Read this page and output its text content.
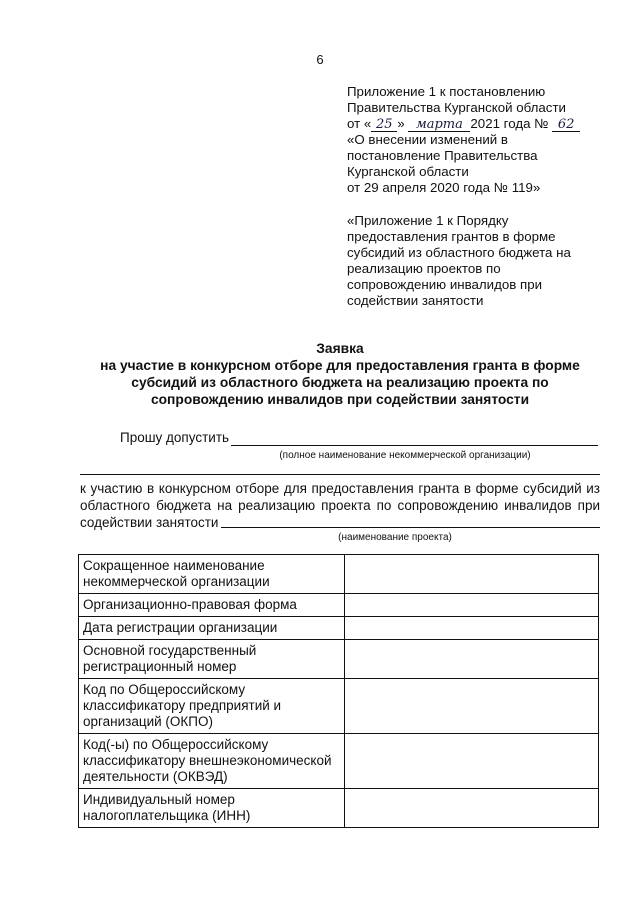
6
Приложение 1 к постановлению
Правительства Курганской области
от « 25 » марта 2021 года № 62
«О внесении изменений в
постановление Правительства
Курганской области
от 29 апреля 2020 года № 119»
«Приложение 1 к Порядку
предоставления грантов в форме
субсидий из областного бюджета на
реализацию проектов по
сопровождению инвалидов при
содействии занятости
Заявка
на участие в конкурсном отборе для предоставления гранта в форме
субсидий из областного бюджета на реализацию проекта по
сопровождению инвалидов при содействии занятости
Прошу допустить
(полное наименование некоммерческой организации)
к участию в конкурсном отборе для предоставления гранта в форме субсидий из областного бюджета на реализацию проекта по сопровождению инвалидов при содействии занятости
(наименование проекта)
Сокращенное наименование некоммерческой организации	
Организационно-правовая форма	
Дата регистрации организации	
Основной государственный регистрационный номер	
Код по Общероссийскому классификатору предприятий и организаций (ОКПО)	
Код(-ы) по Общероссийскому классификатору внешнеэкономической деятельности (ОКВЭД)	
Индивидуальный номер налогоплательщика (ИНН)	
